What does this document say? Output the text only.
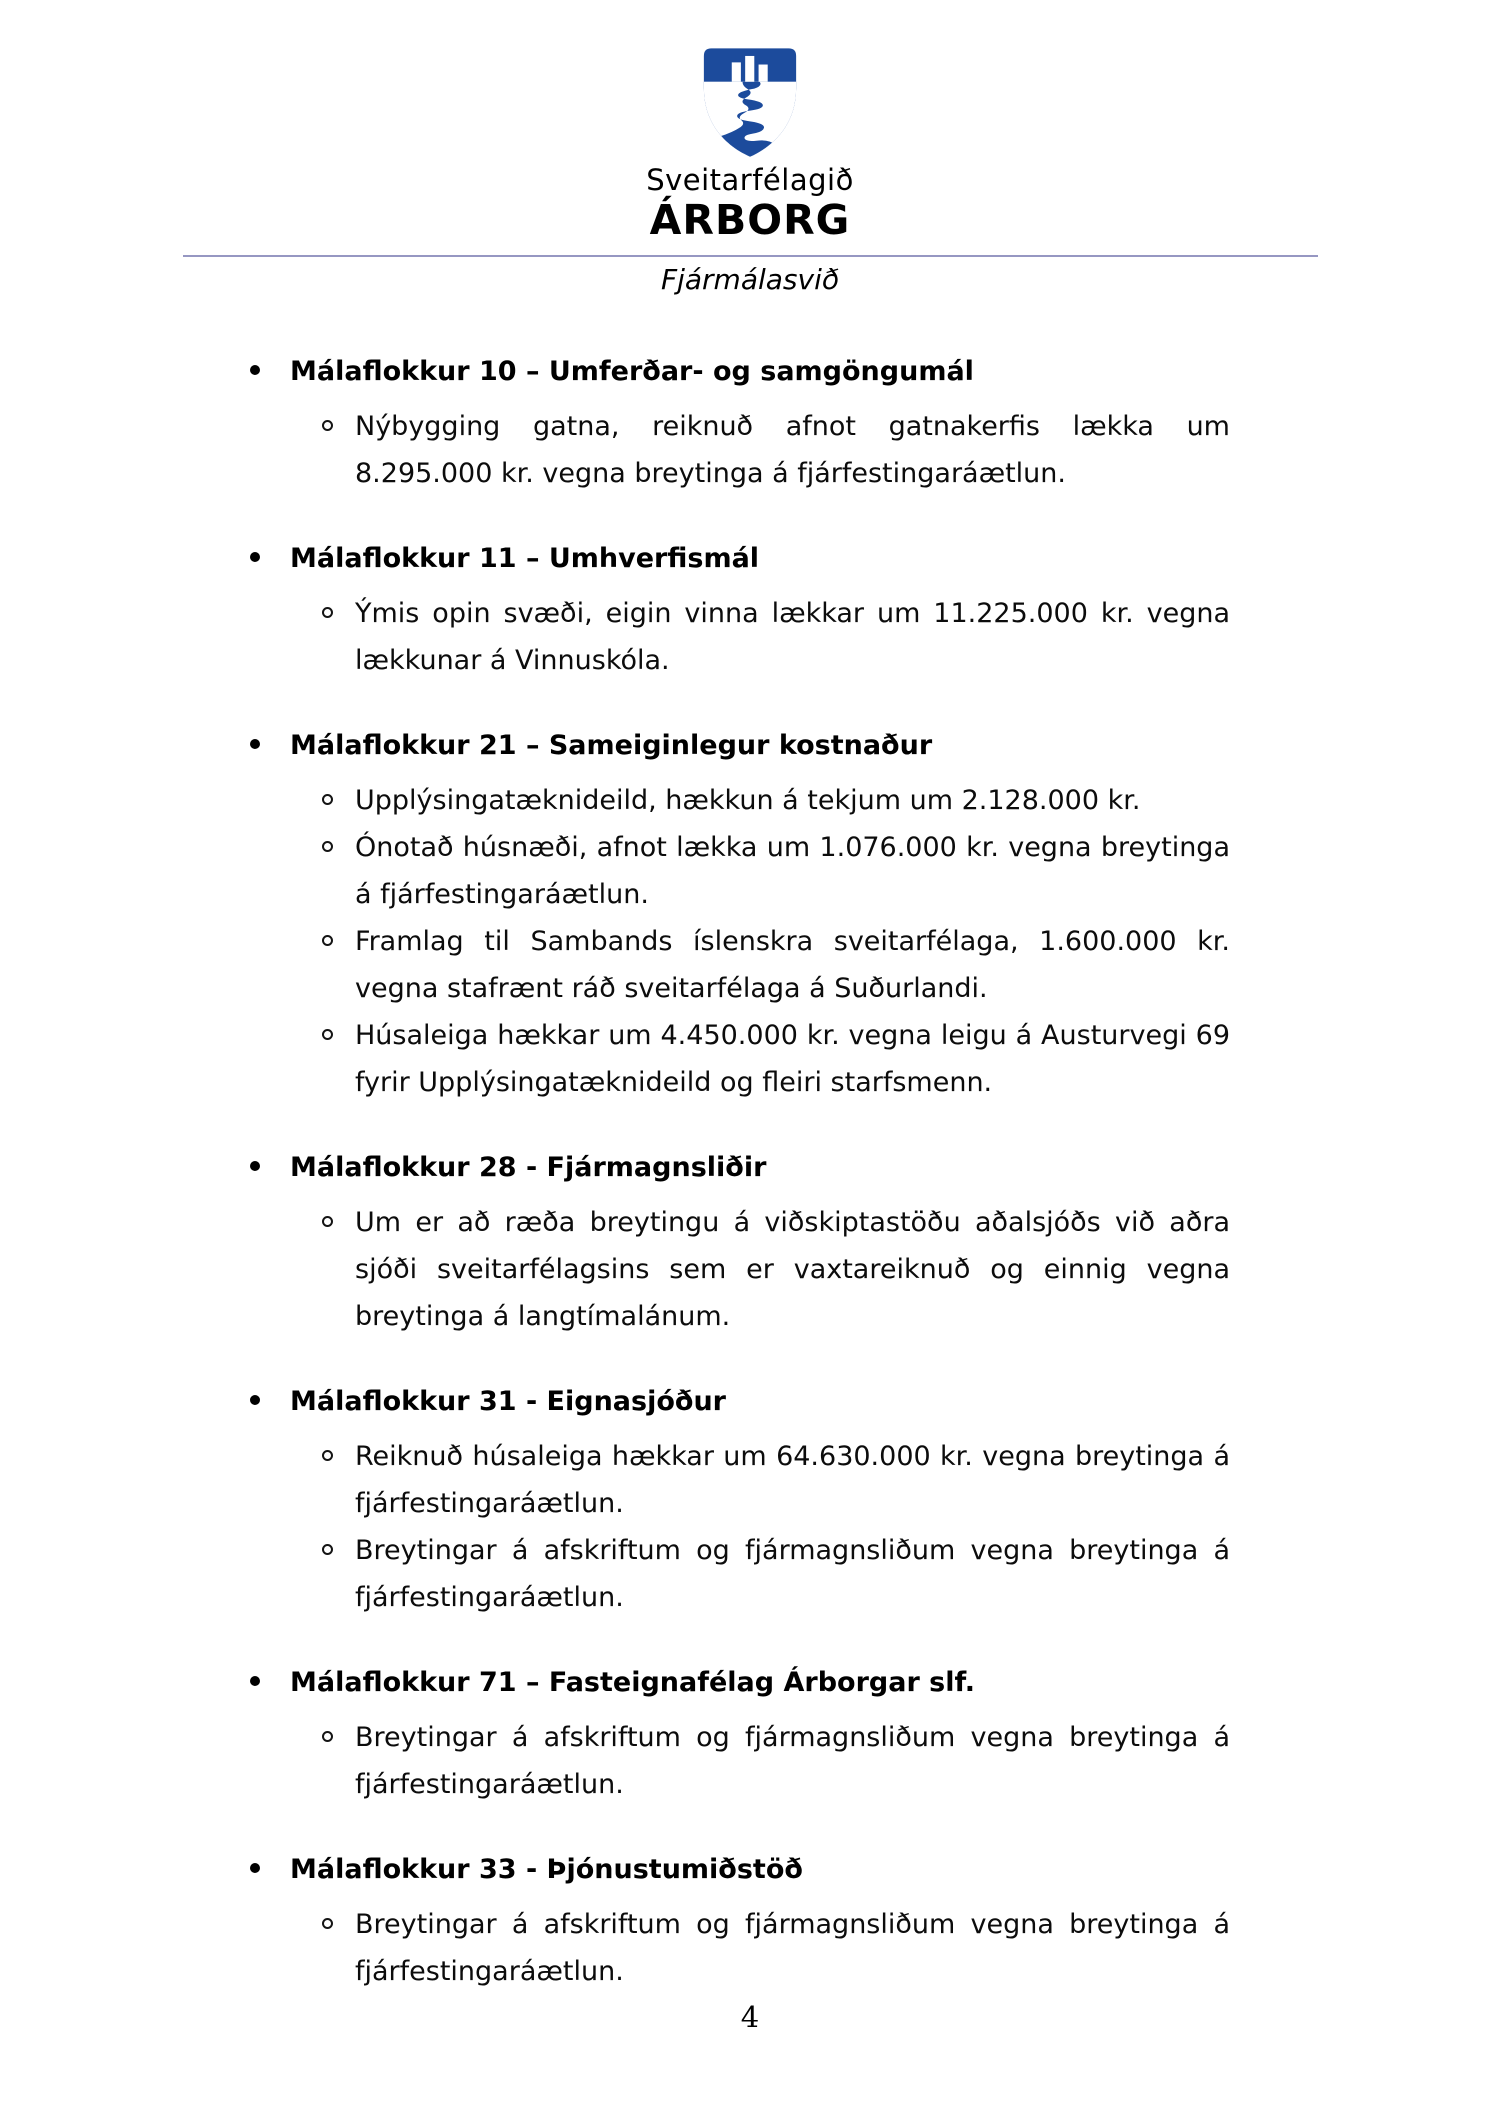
Sveitarfélagið
ÁRBORG
Fjármálasvið
Málaflokkur 10 – Umferðar- og samgöngumál
Nýbygging gatna, reiknuð afnot gatnakerfis lækka um 8.295.000 kr. vegna breytinga á fjárfestingaráætlun.
Málaflokkur 11 – Umhverfismál
Ýmis opin svæði, eigin vinna lækkar um 11.225.000 kr. vegna lækkunar á Vinnuskóla.
Málaflokkur 21 – Sameiginlegur kostnaður
Upplýsingatæknideild, hækkun á tekjum um 2.128.000 kr.
Ónotað húsnæði, afnot lækka um 1.076.000 kr. vegna breytinga á fjárfestingaráætlun.
Framlag til Sambands íslenskra sveitarfélaga, 1.600.000 kr. vegna stafrænt ráð sveitarfélaga á Suðurlandi.
Húsaleiga hækkar um 4.450.000 kr. vegna leigu á Austurvegi 69 fyrir Upplýsingatæknideild og fleiri starfsmenn.
Málaflokkur 28 - Fjármagnsliðir
Um er að ræða breytingu á viðskiptastöðu aðalsjóðs við aðra sjóði sveitarfélagsins sem er vaxtareiknuð og einnig vegna breytinga á langtímalánum.
Málaflokkur 31 - Eignasjóður
Reiknuð húsaleiga hækkar um 64.630.000 kr. vegna breytinga á fjárfestingaráætlun.
Breytingar á afskriftum og fjármagnsliðum vegna breytinga á fjárfestingaráætlun.
Málaflokkur 71 – Fasteignafélag Árborgar slf.
Breytingar á afskriftum og fjármagnsliðum vegna breytinga á fjárfestingaráætlun.
Málaflokkur 33 - Þjónustumiðstöð
Breytingar á afskriftum og fjármagnsliðum vegna breytinga á fjárfestingaráætlun.
4
